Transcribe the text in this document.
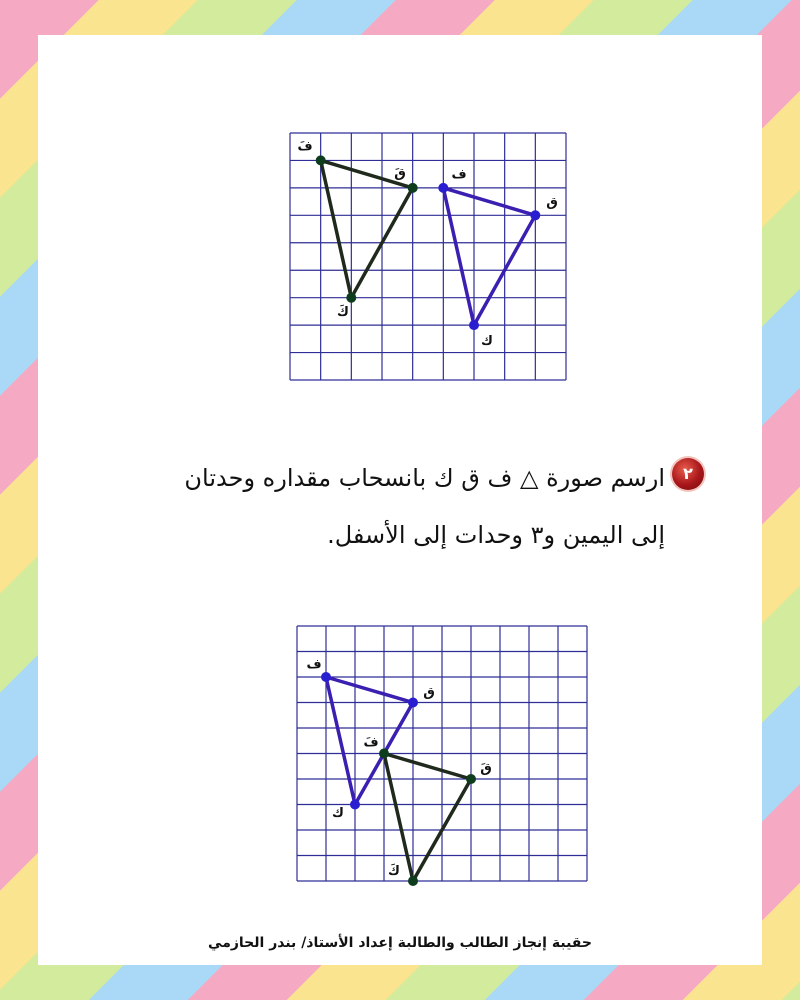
فَ
قَ
كَ
ف
ق
ك
ف
ق
ك
فَ
قَ
كَ
٢
ارسم صورة △ ف ق ك بانسحاب مقداره وحدتان
إلى اليمين و٣ وحدات إلى الأسفل.
حقيبة إنجاز الطالب والطالبة إعداد الأستاذ/ بندر الحازمي
